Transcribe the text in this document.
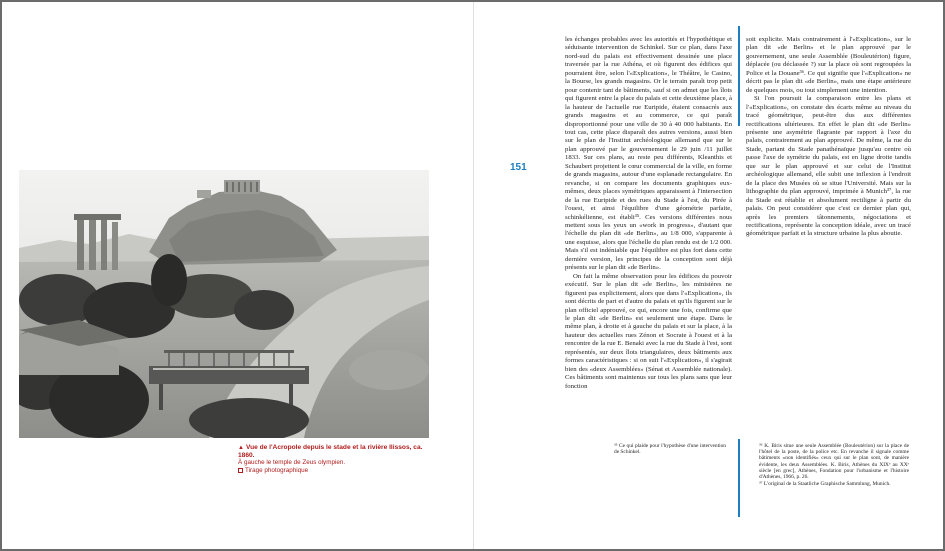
▲ Vue de l'Acropole depuis le stade et la rivière Ilissos, ca. 1860.
À gauche le temple de Zeus olympien.
Tirage photographique
151

les échanges probables avec les autorités et l'hypothétique et séduisante intervention de Schinkel. Sur ce plan, dans l'axe nord-sud du palais est effectivement dessinée une place traversée par la rue Athéna, et où figurent des édifices qui pourraient être, selon l'«Explication», le Théâtre, le Casino, la Bourse, les grands magasins. Or le terrain paraît trop petit pour contenir tant de bâtiments, sauf si on admet que les îlots qui figurent entre la place du palais et cette deuxième place, à la hauteur de l'actuelle rue Euripide, étaient consacrés aux grands magasins et au commerce, ce qui paraît disproportionné pour une ville de 30 à 40 000 habitants. En tout cas, cette place disparaît des autres versions, aussi bien sur le plan de l'Institut archéologique allemand que sur le plan approuvé par le gouvernement le 29 juin /11 juillet 1833. Sur ces plans, au reste peu différents, Kleanthis et Schaubert projettent le cœur commercial de la ville, en forme de grands magasins, autour d'une esplanade rectangulaire. En revanche, si on compare les documents graphiques eux-mêmes, deux places symétriques apparaissent à l'intersection de la rue Euripide et des rues du Stade à l'est, du Pirée à l'ouest, et ainsi l'équilibre d'une géométrie parfaite, schinkélienne, est établi³⁵. Ces versions différentes nous mettent sous les yeux un «work in progress», d'autant que l'échelle du plan dit «de Berlin», au 1/8 000, s'apparente à une esquisse, alors que l'échelle du plan rendu est de 1/2 000. Mais s'il est indéniable que l'équilibre est plus fort dans cette dernière version, les principes de la conception sont déjà présents sur le plan dit «de Berlin».

On fait la même observation pour les édifices du pouvoir exécutif. Sur le plan dit «de Berlin», les ministères ne figurent pas explicitement, alors que dans l'«Explication», ils sont décrits de part et d'autre du palais et qu'ils figurent sur le plan officiel approuvé, ce qui, encore une fois, confirme que le plan dit «de Berlin» est seulement une étape. Dans le même plan, à droite et à gauche du palais et sur la place, à la hauteur des actuelles rues Zénon et Socrate à l'ouest et à la rencontre de la rue E. Benaki avec la rue du Stade à l'est, sont représentés, sur deux îlots triangulaires, deux bâtiments aux formes caractéristiques : si on suit l'«Explication», il s'agirait bien des «deux Assemblées» (Sénat et Assemblée nationale). Ces bâtiments sont maintenus sur tous les plans sans que leur fonction

soit explicite. Mais contrairement à l'«Explication», sur le plan dit «de Berlin» et le plan approuvé par le gouvernement, une seule Assemblée (Bouleutérion) figure, déplacée (ou déclassée ?) sur la place où sont regroupées la Police et la Douane³⁶. Ce qui signifie que l'«Explication» ne décrit pas le plan dit «de Berlin», mais une étape antérieure de quelques mois, ou tout simplement une intention.

Si l'on poursuit la comparaison entre les plans et l'«Explication», on constate des écarts même au niveau du tracé géométrique, peut-être dus aux différentes rectifications ultérieures. En effet le plan dit «de Berlin» présente une asymétrie flagrante par rapport à l'axe du palais, contrairement au plan approuvé. De même, la rue du Stade, partant du Stade panathénaïque jusqu'au centre où passe l'axe de symétrie du palais, est en ligne droite tandis que sur le plan approuvé et sur celui de l'Institut archéologique allemand, elle subit une inflexion à l'endroit de la place des Musées où se situe l'Université. Mais sur la lithographie du plan approuvé, imprimée à Munich³⁷, la rue du Stade est rétablie et absolument rectiligne à partir du palais. On peut considérer que c'est ce dernier plan qui, après les premiers tâtonnements, négociations et rectifications, représente la conception idéale, avec un tracé géométrique parfait et la structure urbaine la plus aboutie.

³⁵ Ce qui plaide pour l'hypothèse d'une intervention de Schinkel.

³⁶ K. Biris situe une seule Assemblée (Bouleutérion) sur la place de l'hôtel de la poste, de la police etc. En revanche il signale comme bâtiments «non identifiés» ceux qui sur le plan sont, de manière évidente, les deux Assemblées. K. Biris, Athènes du XIXᵉ au XXᵉ siècle [en grec], Athènes, Fondation pour l'urbanisme et l'histoire d'Athènes, 1966, p. 26.

³⁷ L'original de la Staatliche Graphische Sammlung, Munich.
